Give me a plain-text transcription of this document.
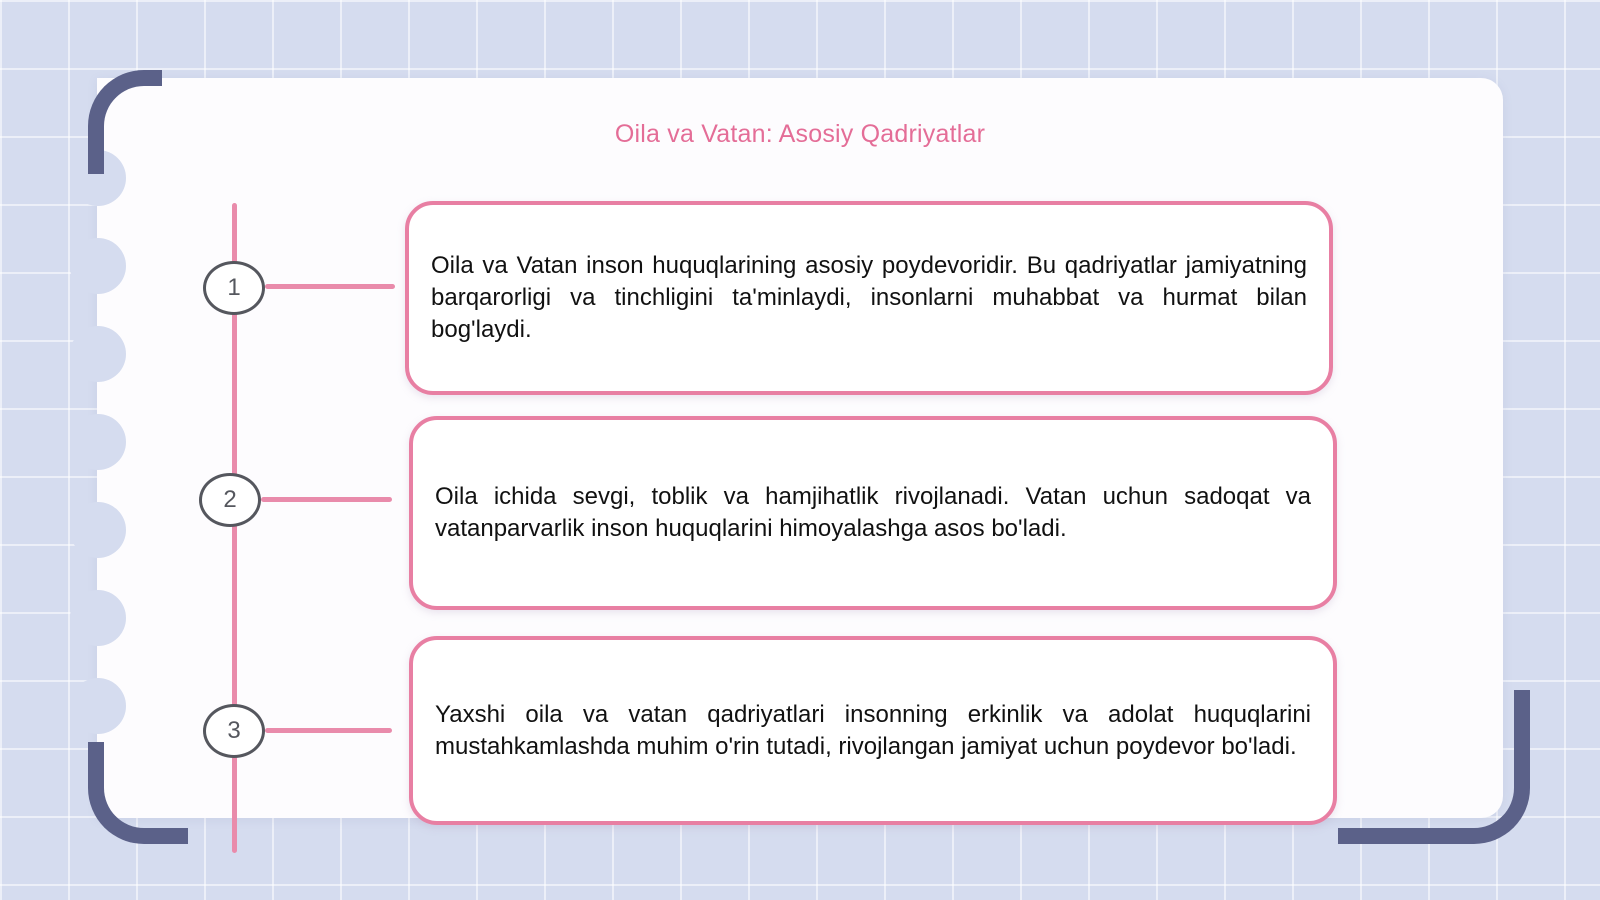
Oila va Vatan: Asosiy Qadriyatlar
1
2
3

Oila va Vatan inson huquqlarining asosiy poydevoridir. Bu qadriyatlar jamiyatning barqarorligi va tinchligini ta'minlaydi, insonlarni muhabbat va hurmat bilan bog'laydi.

Oila ichida sevgi, toblik va hamjihatlik rivojlanadi. Vatan uchun sadoqat va vatanparvarlik inson huquqlarini himoyalashga asos bo'ladi.

Yaxshi oila va vatan qadriyatlari insonning erkinlik va adolat huquqlarini mustahkamlashda muhim o'rin tutadi, rivojlangan jamiyat uchun poydevor bo'ladi.
